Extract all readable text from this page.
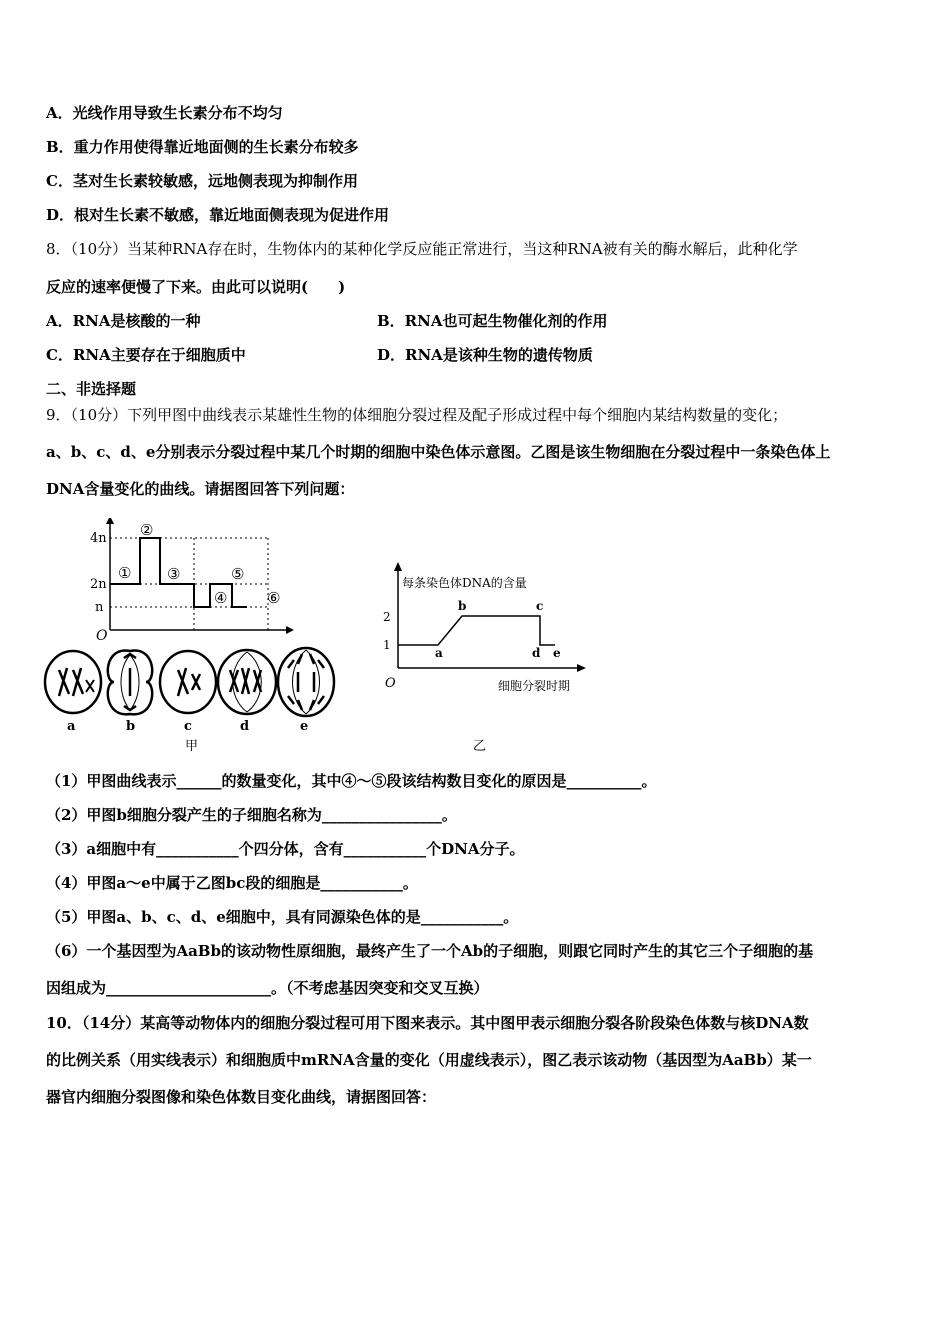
A．光线作用导致生长素分布不均匀
B．重力作用使得靠近地面侧的生长素分布较多
C．茎对生长素较敏感，远地侧表现为抑制作用
D．根对生长素不敏感，靠近地面侧表现为促进作用
8．（10分）当某种RNA存在时，生物体内的某种化学反应能正常进行，当这种RNA被有关的酶水解后，此种化学
反应的速率便慢了下来。由此可以说明(　　)
A．RNA是核酸的一种	B．RNA也可起生物催化剂的作用
C．RNA主要存在于细胞质中	D．RNA是该种生物的遗传物质
二、非选择题
9．（10分）下列甲图中曲线表示某雄性生物的体细胞分裂过程及配子形成过程中每个细胞内某结构数量的变化；
a、b、c、d、e分别表示分裂过程中某几个时期的细胞中染色体示意图。乙图是该生物细胞在分裂过程中一条染色体上
DNA含量变化的曲线。请据图回答下列问题：
4n
2n
n
O
①
②
③
④
⑤
⑥
a	b	c	d	e
甲
每条染色体DNA的含量
细胞分裂时期
O
2
1
a
b	c
d e
乙
（1）甲图曲线表示______的数量变化，其中④～⑤段该结构数目变化的原因是__________。
（2）甲图b细胞分裂产生的子细胞名称为________________。
（3）a细胞中有___________个四分体，含有___________个DNA分子。
（4）甲图a～e中属于乙图bc段的细胞是___________。
（5）甲图a、b、c、d、e细胞中，具有同源染色体的是___________。
（6）一个基因型为AaBb的该动物性原细胞，最终产生了一个Ab的子细胞，则跟它同时产生的其它三个子细胞的基
因组成为______________________。（不考虑基因突变和交叉互换）
10．（14分）某高等动物体内的细胞分裂过程可用下图来表示。其中图甲表示细胞分裂各阶段染色体数与核DNA数
的比例关系（用实线表示）和细胞质中mRNA含量的变化（用虚线表示），图乙表示该动物（基因型为AaBb）某一
器官内细胞分裂图像和染色体数目变化曲线，请据图回答：
